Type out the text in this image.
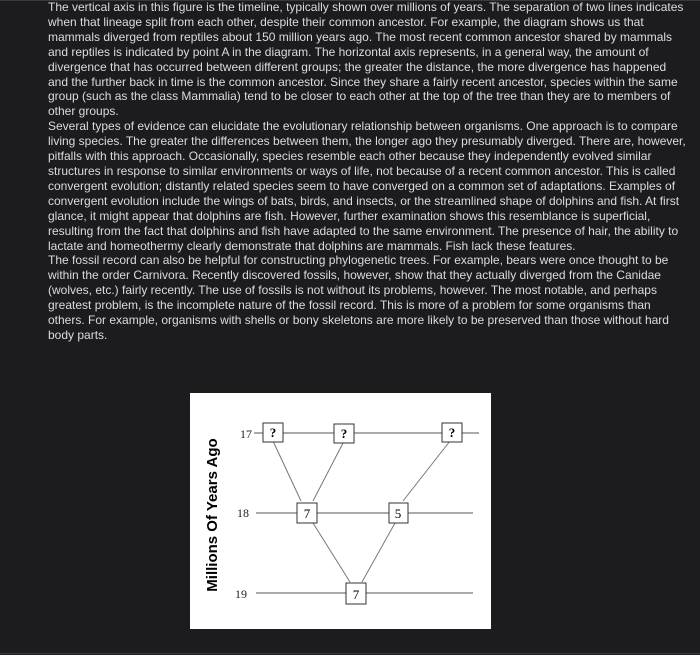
The vertical axis in this figure is the timeline, typically shown over millions of years. The separation of two lines indicates when that lineage split from each other, despite their common ancestor. For example, the diagram shows us that mammals diverged from reptiles about 150 million years ago. The most recent common ancestor shared by mammals and reptiles is indicated by point A in the diagram. The horizontal axis represents, in a general way, the amount of divergence that has occurred between different groups; the greater the distance, the more divergence has happened and the further back in time is the common ancestor. Since they share a fairly recent ancestor, species within the same group (such as the class Mammalia) tend to be closer to each other at the top of the tree than they are to members of other groups.

Several types of evidence can elucidate the evolutionary relationship between organisms. One approach is to compare living species. The greater the differences between them, the longer ago they presumably diverged. There are, however, pitfalls with this approach. Occasionally, species resemble each other because they independently evolved similar structures in response to similar environments or ways of life, not because of a recent common ancestor. This is called convergent evolution; distantly related species seem to have converged on a common set of adaptations. Examples of convergent evolution include the wings of bats, birds, and insects, or the streamlined shape of dolphins and fish. At first glance, it might appear that dolphins are fish. However, further examination shows this resemblance is superficial, resulting from the fact that dolphins and fish have adapted to the same environment. The presence of hair, the ability to lactate and homeothermy clearly demonstrate that dolphins are mammals. Fish lack these features.

The fossil record can also be helpful for constructing phylogenetic trees. For example, bears were once thought to be within the order Carnivora. Recently discovered fossils, however, show that they actually diverged from the Canidae (wolves, etc.) fairly recently. The use of fossils is not without its problems, however. The most notable, and perhaps greatest problem, is the incomplete nature of the fossil record. This is more of a problem for some organisms than others. For example, organisms with shells or bony skeletons are more likely to be preserved than those without hard body parts.

Millions Of Years Ago
17
18
19
?	?	?
7	5
7
